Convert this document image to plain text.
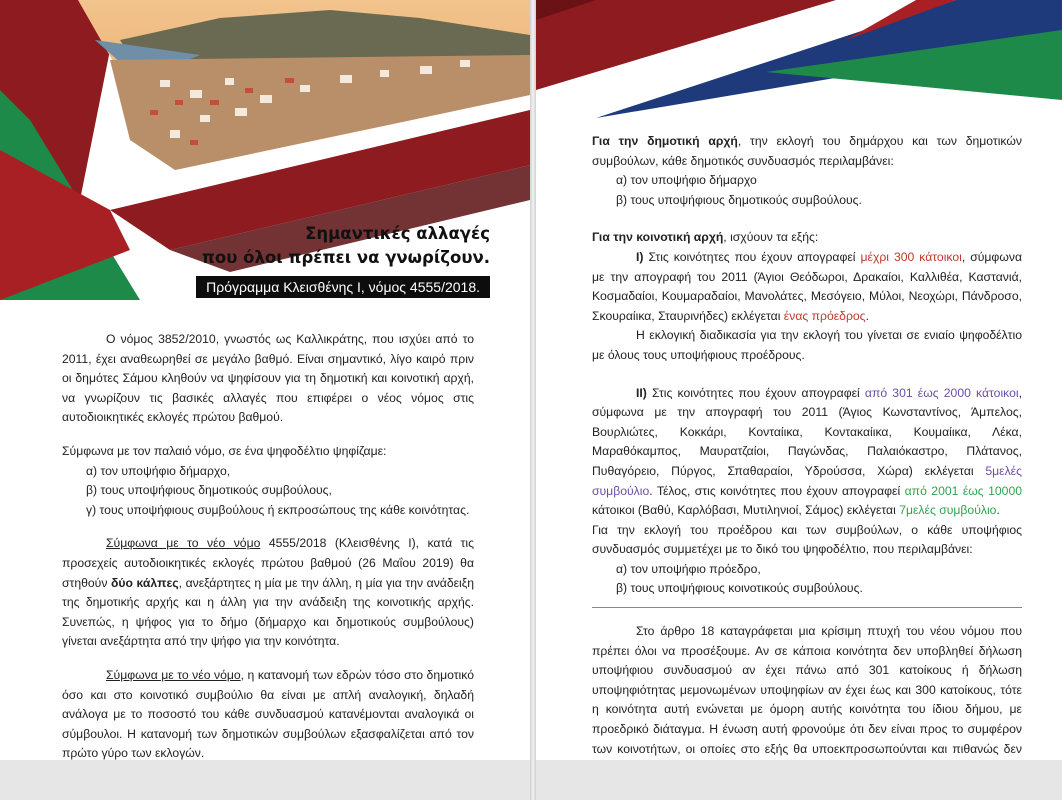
Σημαντικές αλλαγές
που όλοι πρέπει να γνωρίζουν.
Πρόγραμμα Κλεισθένης Ι, νόμος 4555/2018.

Ο νόμος 3852/2010, γνωστός ως Καλλικράτης, που ισχύει από το 2011, έχει αναθεωρηθεί σε μεγάλο βαθμό. Είναι σημαντικό, λίγο καιρό πριν οι δημότες Σάμου κληθούν να ψηφίσουν για τη δημοτική και κοινοτική αρχή, να γνωρίζουν τις βασικές αλλαγές που επιφέρει ο νέος νόμος στις αυτοδιοικητικές εκλογές πρώτου βαθμού.

Σύμφωνα με τον παλαιό νόμο, σε ένα ψηφοδέλτιο ψηφίζαμε:

α) τον υποψήφιο δήμαρχο,

β) τους υποψήφιους δημοτικούς συμβούλους,

γ) τους υποψήφιους συμβούλους ή εκπροσώπους της κάθε κοινότητας.

Σύμφωνα με το νέο νόμο 4555/2018 (Κλεισθένης Ι), κατά τις προσεχείς αυτοδιοικητικές εκλογές πρώτου βαθμού (26 Μαΐου 2019) θα στηθούν δύο κάλπες, ανεξάρτητες η μία με την άλλη, η μία για την ανάδειξη της δημοτικής αρχής και η άλλη για την ανάδειξη της κοινοτικής αρχής. Συνεπώς, η ψήφος για το δήμο (δήμαρχο και δημοτικούς συμβούλους) γίνεται ανεξάρτητα από την ψήφο για την κοινότητα.

Σύμφωνα με το νέο νόμο, η κατανομή των εδρών τόσο στο δημοτικό όσο και στο κοινοτικό συμβούλιο θα είναι με απλή αναλογική, δηλαδή ανάλογα με το ποσοστό του κάθε συνδυασμού κατανέμονται αναλογικά οι σύμβουλοι. Η κατανομή των δημοτικών συμβούλων εξασφαλίζεται από τον πρώτο γύρο των εκλογών.

Για την δημοτική αρχή, την εκλογή του δημάρχου και των δημοτικών συμβούλων, κάθε δημοτικός συνδυασμός περιλαμβάνει:

α) τον υποψήφιο δήμαρχο

β) τους υποψήφιους δημοτικούς συμβούλους.

Για την κοινοτική αρχή, ισχύουν τα εξής:

Ι) Στις κοινότητες που έχουν απογραφεί μέχρι 300 κάτοικοι, σύμφωνα με την απογραφή του 2011 (Άγιοι Θεόδωροι, Δρακαίοι, Καλλιθέα, Καστανιά, Κοσμαδαίοι, Κουμαραδαίοι, Μανολάτες, Μεσόγειο, Μύλοι, Νεοχώρι, Πάνδροσο, Σκουραίικα, Σταυρινήδες) εκλέγεται ένας πρόεδρος.

Η εκλογική διαδικασία για την εκλογή του γίνεται σε ενιαίο ψηφοδέλτιο με όλους τους υποψήφιους προέδρους.

ΙΙ) Στις κοινότητες που έχουν απογραφεί από 301 έως 2000 κάτοικοι, σύμφωνα με την απογραφή του 2011 (Άγιος Κωνσταντίνος, Άμπελος, Βουρλιώτες, Κοκκάρι, Κονταίικα, Κοντακαίικα, Κουμαίικα, Λέκα, Μαραθόκαμπος, Μαυρατζαίοι, Παγώνδας, Παλαιόκαστρο, Πλάτανος, Πυθαγόρειο, Πύργος, Σπαθαραίοι, Υδρούσσα, Χώρα) εκλέγεται 5μελές συμβούλιο. Τέλος, στις κοινότητες που έχουν απογραφεί από 2001 έως 10000 κάτοικοι (Βαθύ, Καρλόβασι, Μυτιληνιοί, Σάμος) εκλέγεται 7μελές συμβούλιο.

Για την εκλογή του προέδρου και των συμβούλων, ο κάθε υποψήφιος συνδυασμός συμμετέχει με το δικό του ψηφοδέλτιο, που περιλαμβάνει:

α) τον υποψήφιο πρόεδρο,

β) τους υποψήφιους κοινοτικούς συμβούλους.

Στο άρθρο 18 καταγράφεται μια κρίσιμη πτυχή του νέου νόμου που πρέπει όλοι να προσέξουμε. Αν σε κάποια κοινότητα δεν υποβληθεί δήλωση υποψήφιου συνδυασμού αν έχει πάνω από 301 κατοίκους ή δήλωση υποψηφιότητας μεμονωμένων υποψηφίων αν έχει έως και 300 κατοίκους, τότε η κοινότητα αυτή ενώνεται με όμορη αυτής κοινότητα του ίδιου δήμου, με προεδρικό διάταγμα. Η ένωση αυτή φρονούμε ότι δεν είναι προς το συμφέρον των κοινοτήτων, οι οποίες στο εξής θα υποεκπροσωπούνται και πιθανώς δεν
